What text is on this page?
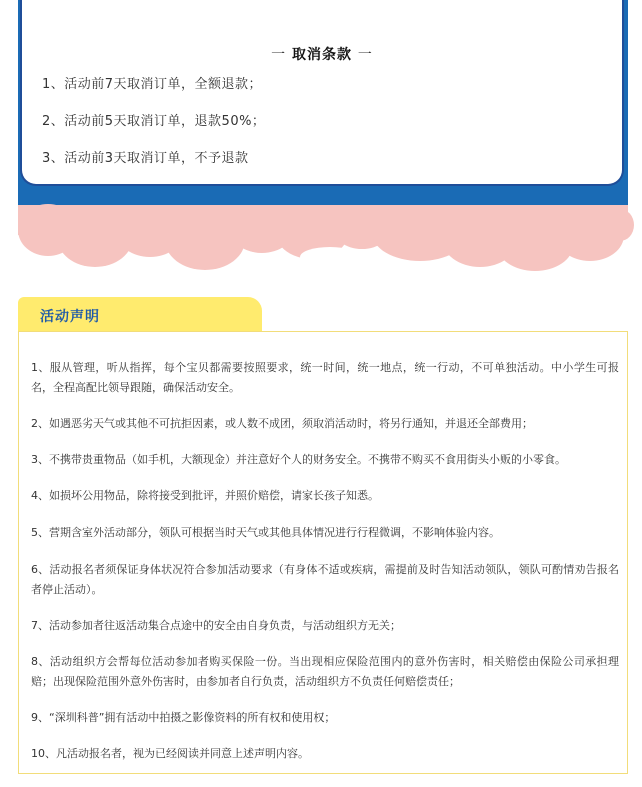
一 取消条款 一
1、活动前7天取消订单，全额退款；
2、活动前5天取消订单，退款50%；
3、活动前3天取消订单，不予退款
活动声明
1、服从管理，听从指挥，每个宝贝都需要按照要求，统一时间，统一地点，统一行动，不可单独活动。中小学生可报名，全程高配比领导跟随，确保活动安全。
2、如遇恶劣天气或其他不可抗拒因素，或人数不成团，须取消活动时，将另行通知，并退还全部费用；
3、不携带贵重物品（如手机，大额现金）并注意好个人的财务安全。不携带不购买不食用街头小贩的小零食。
4、如损坏公用物品，除将接受到批评，并照价赔偿，请家长孩子知悉。
5、营期含室外活动部分，领队可根据当时天气或其他具体情况进行行程微调，不影响体验内容。
6、活动报名者须保证身体状况符合参加活动要求（有身体不适或疾病，需提前及时告知活动领队，领队可酌情劝告报名者停止活动）。
7、活动参加者往返活动集合点途中的安全由自身负责，与活动组织方无关；
8、活动组织方会帮每位活动参加者购买保险一份。当出现相应保险范围内的意外伤害时，相关赔偿由保险公司承担理赔；出现保险范围外意外伤害时，由参加者自行负责，活动组织方不负责任何赔偿责任；
9、“深圳科普”拥有活动中拍摄之影像资料的所有权和使用权；
10、凡活动报名者，视为已经阅读并同意上述声明内容。
